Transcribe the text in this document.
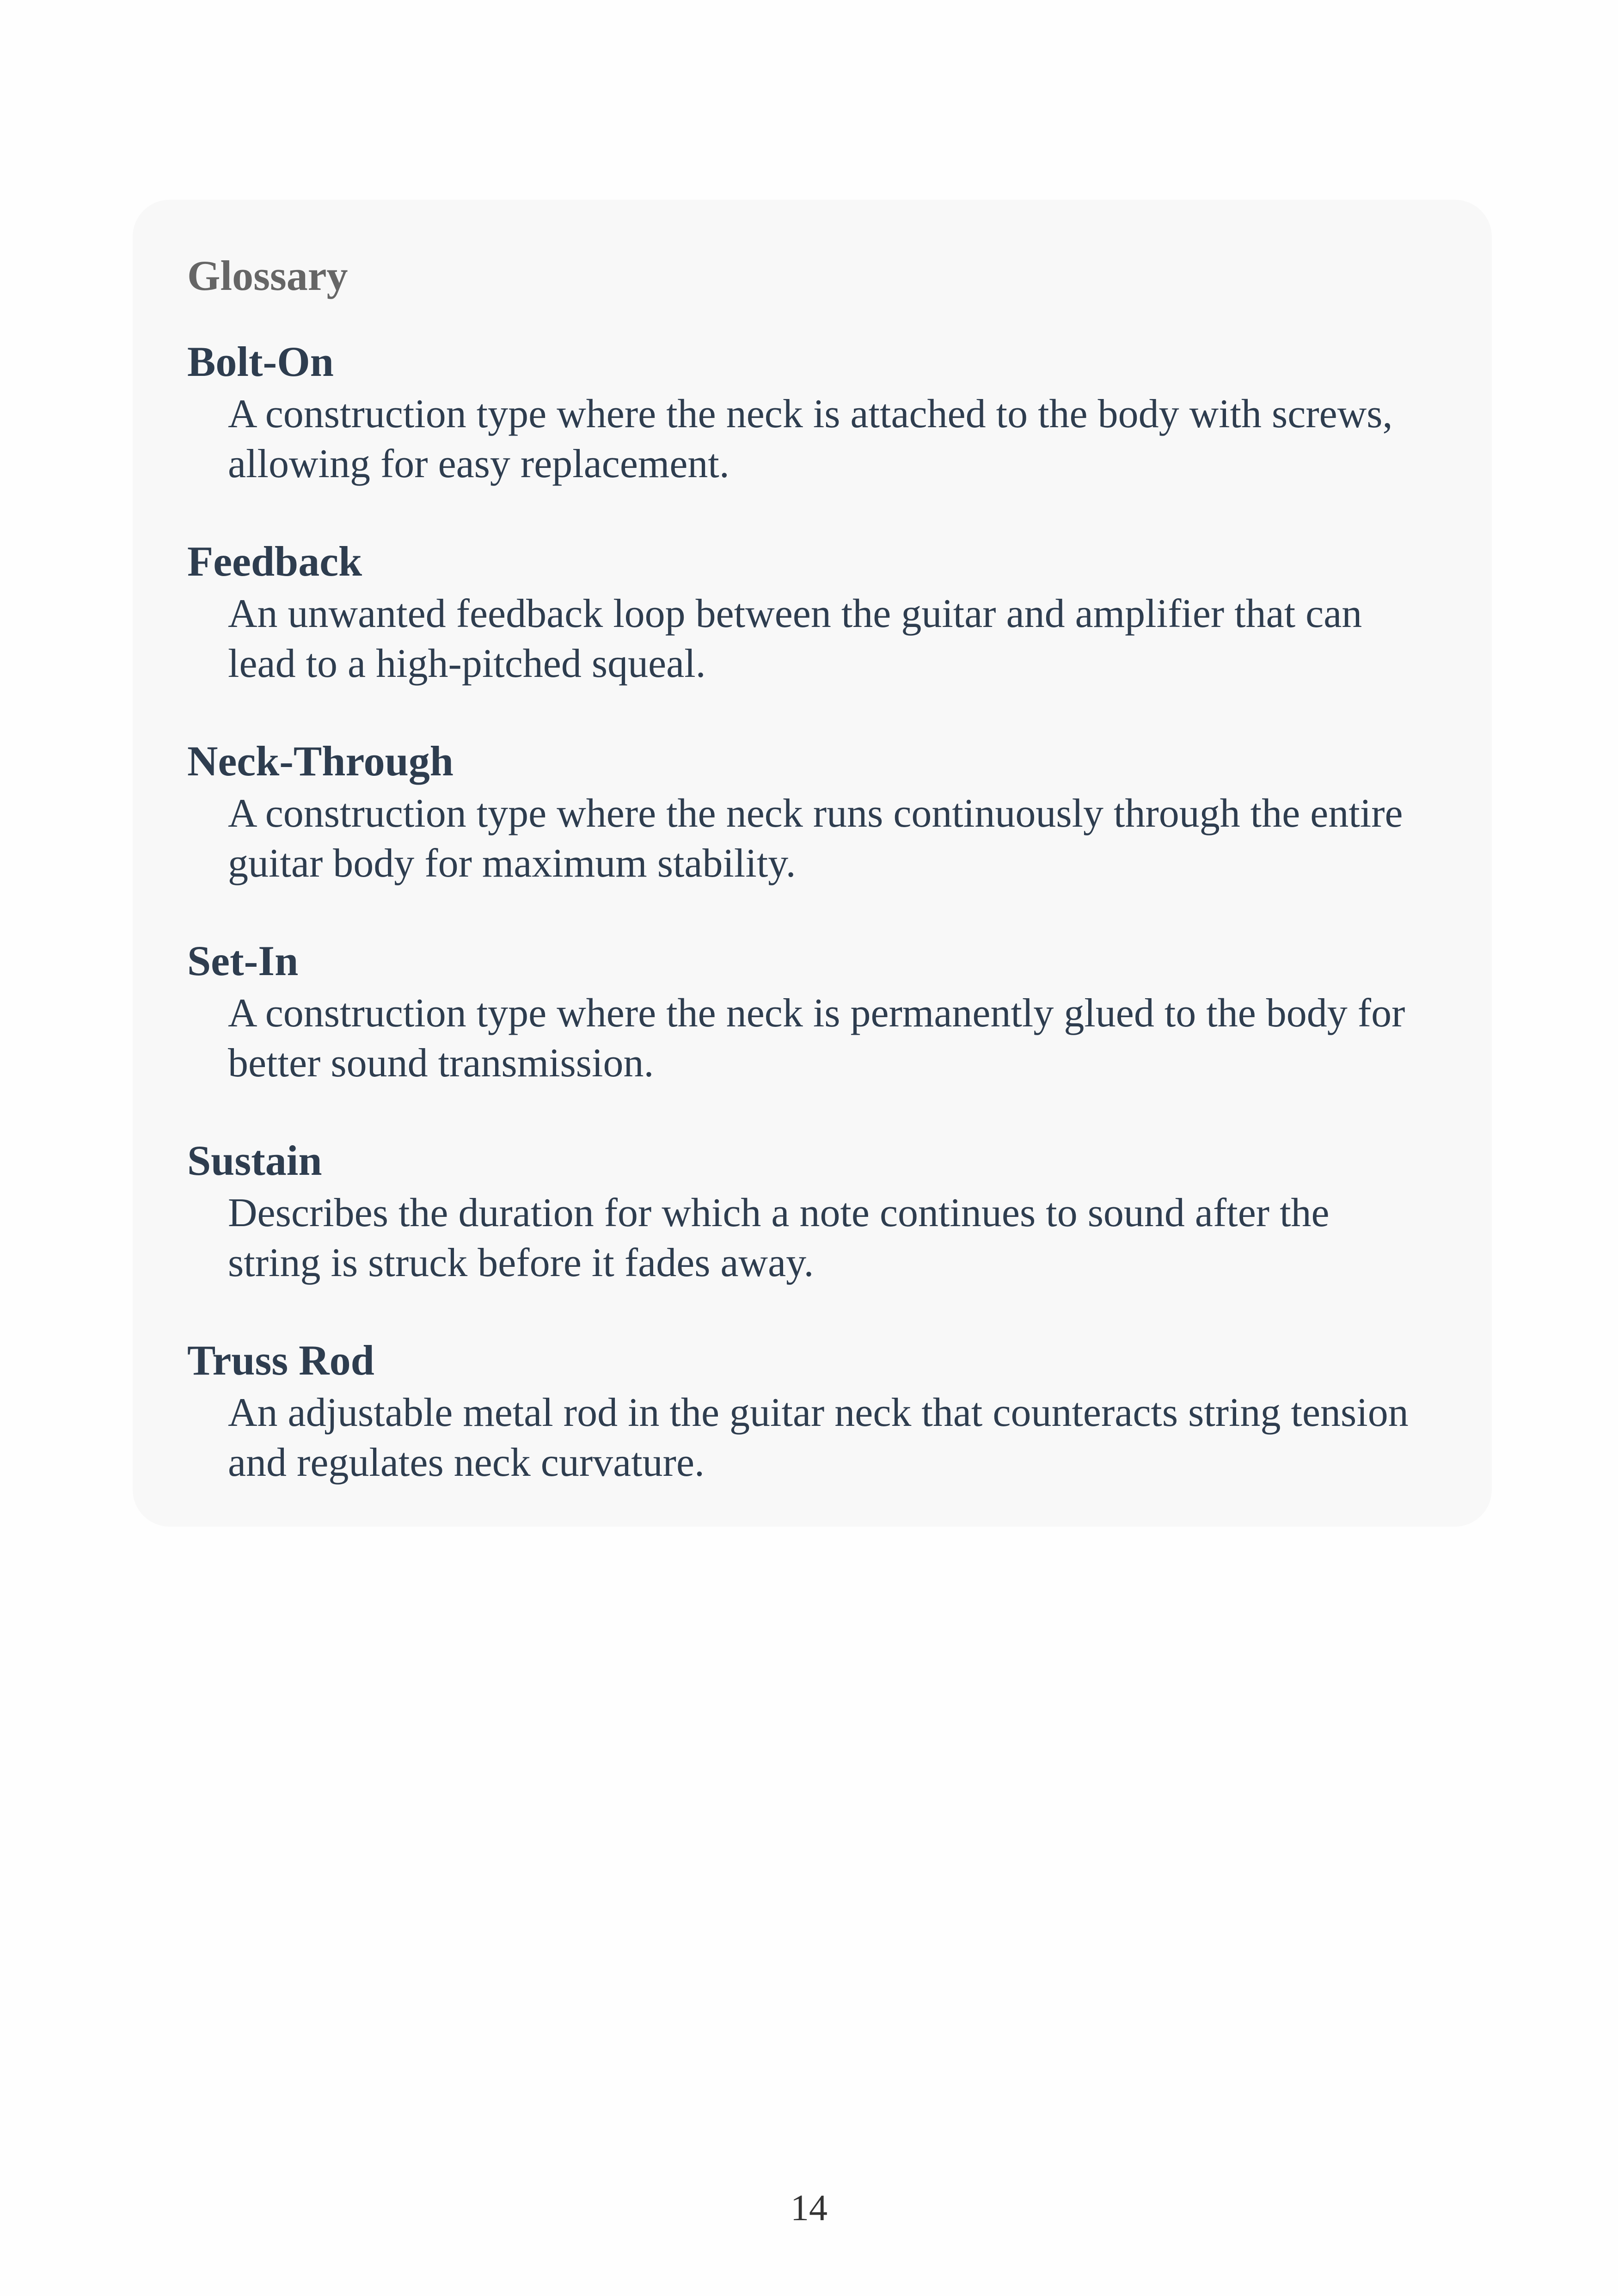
Glossary
Bolt-On
A construction type where the neck is attached to the body with screws, allowing for easy replacement.
Feedback
An unwanted feedback loop between the guitar and amplifier that can lead to a high-pitched squeal.
Neck-Through
A construction type where the neck runs continuously through the entire guitar body for maximum stability.
Set-In
A construction type where the neck is permanently glued to the body for better sound transmission.
Sustain
Describes the duration for which a note continues to sound after the string is struck before it fades away.
Truss Rod
An adjustable metal rod in the guitar neck that counteracts string tension and regulates neck curvature.
14
